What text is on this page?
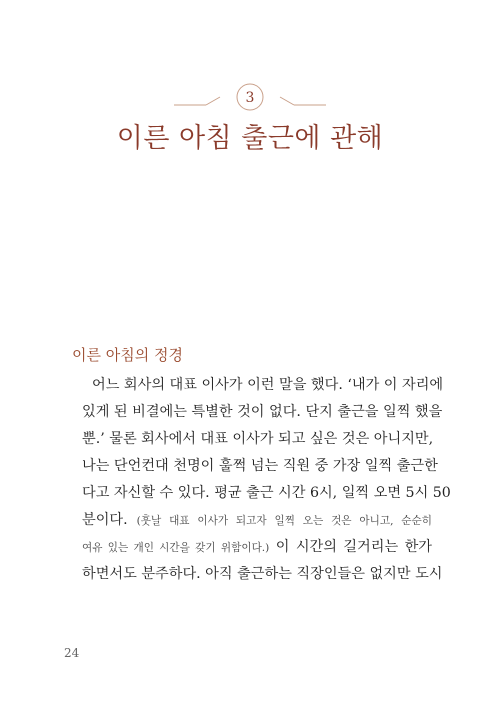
3
이른 아침 출근에 관해
이른 아침의 정경
어느 회사의 대표 이사가 이런 말을 했다. ‘내가 이 자리에
있게 된 비결에는 특별한 것이 없다. 단지 출근을 일찍 했을
뿐.’ 물론 회사에서 대표 이사가 되고 싶은 것은 아니지만,
나는 단언컨대 천명이 훌쩍 넘는 직원 중 가장 일찍 출근한
다고 자신할 수 있다. 평균 출근 시간 6시, 일찍 오면 5시 50
분이다. (훗날 대표 이사가 되고자 일찍 오는 것은 아니고, 순순히
여유 있는 개인 시간을 갖기 위함이다.) 이 시간의 길거리는 한가
하면서도 분주하다. 아직 출근하는 직장인들은 없지만 도시
24
